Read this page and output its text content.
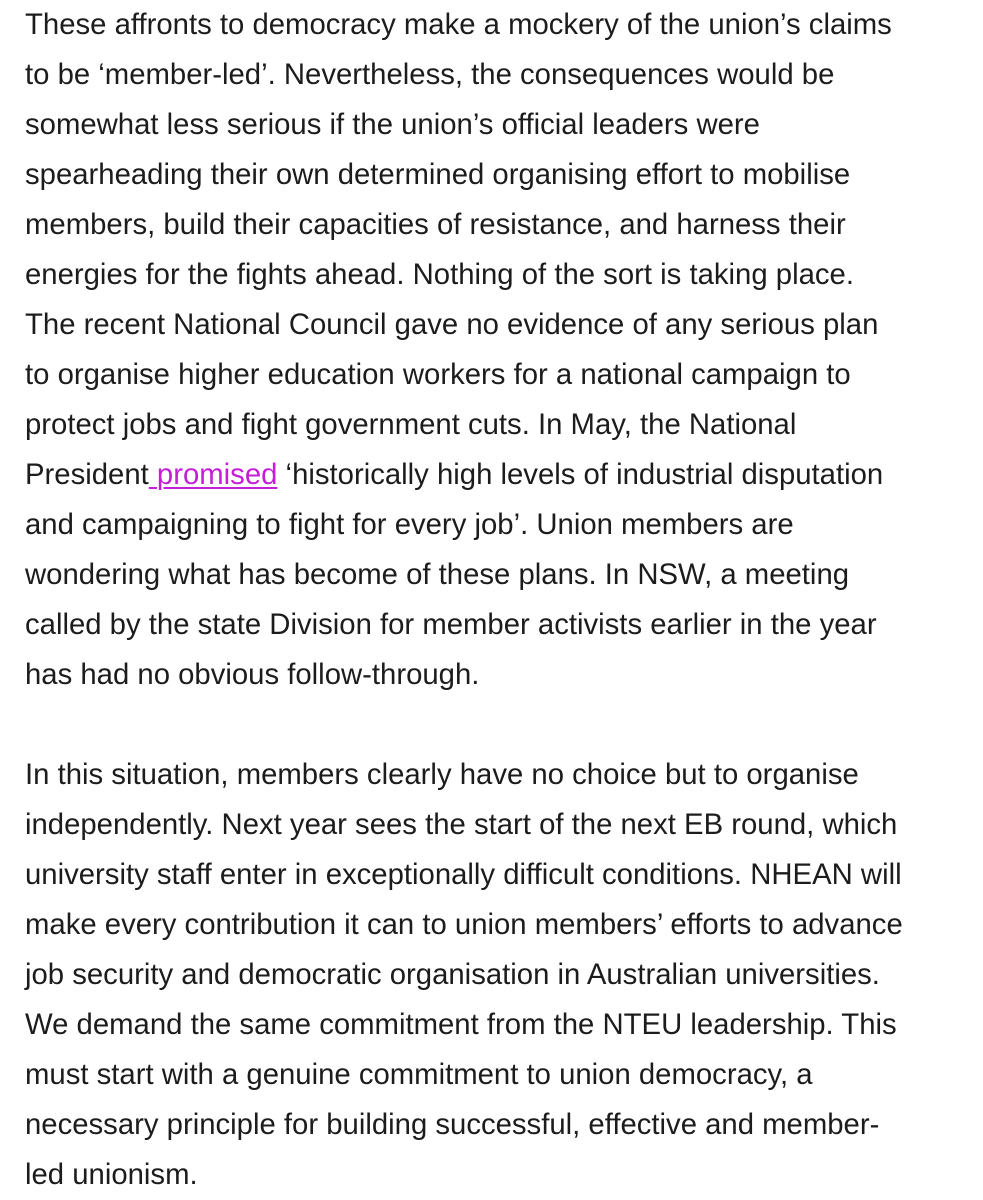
These affronts to democracy make a mockery of the union’s claims
to be ‘member-led’. Nevertheless, the consequences would be
somewhat less serious if the union’s official leaders were
spearheading their own determined organising effort to mobilise
members, build their capacities of resistance, and harness their
energies for the fights ahead. Nothing of the sort is taking place.
The recent National Council gave no evidence of any serious plan
to organise higher education workers for a national campaign to
protect jobs and fight government cuts. In May, the National
President promised ‘historically high levels of industrial disputation
and campaigning to fight for every job’. Union members are
wondering what has become of these plans. In NSW, a meeting
called by the state Division for member activists earlier in the year
has had no obvious follow-through.
In this situation, members clearly have no choice but to organise
independently. Next year sees the start of the next EB round, which
university staff enter in exceptionally difficult conditions. NHEAN will
make every contribution it can to union members’ efforts to advance
job security and democratic organisation in Australian universities.
We demand the same commitment from the NTEU leadership. This
must start with a genuine commitment to union democracy, a
necessary principle for building successful, effective and member-
led unionism.
